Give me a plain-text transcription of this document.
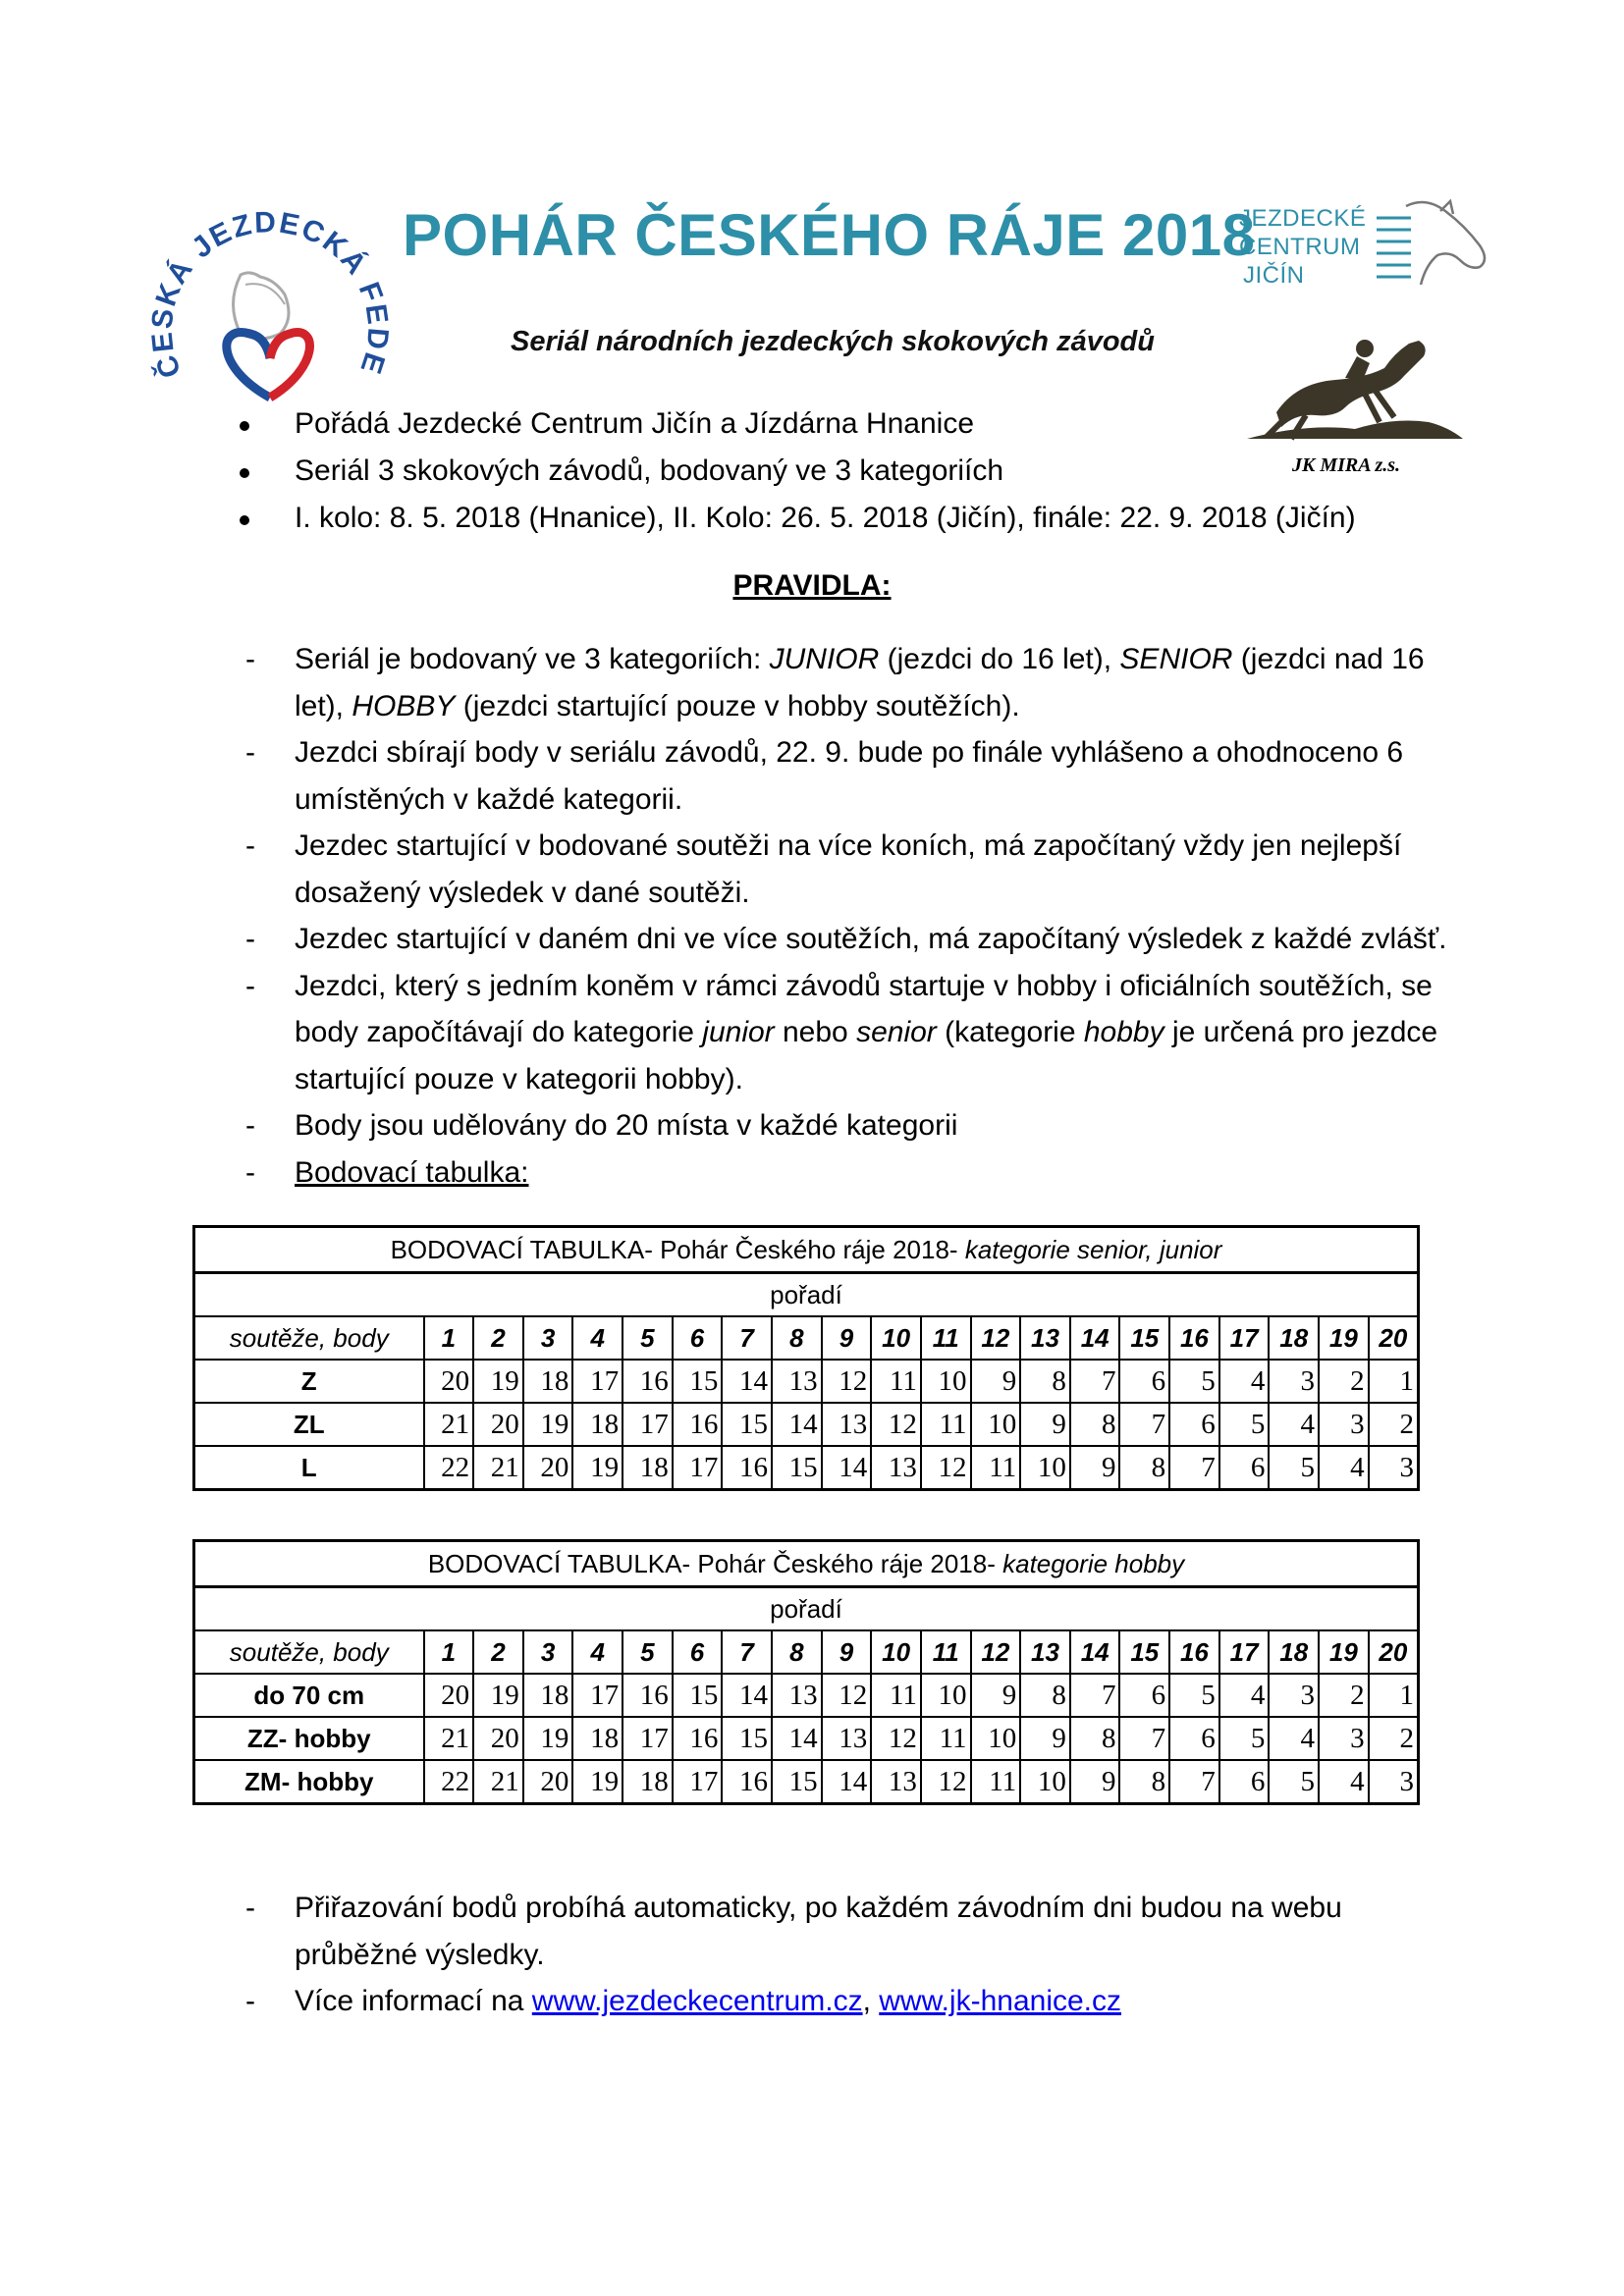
ČESKÁ JEZDECKÁ FEDE
POHÁR ČESKÉHO RÁJE 2018
JEZDECKÉ
CENTRUM
JIČÍN
Seriál národních jezdeckých skokových závodů
JK MIRA z.s.
Pořádá Jezdecké Centrum Jičín a Jízdárna Hnanice
Seriál 3 skokových závodů, bodovaný ve 3 kategoriích
I. kolo: 8. 5. 2018 (Hnanice), II. Kolo: 26. 5. 2018 (Jičín), finále: 22. 9. 2018 (Jičín)
PRAVIDLA:
- Seriál je bodovaný ve 3 kategoriích: JUNIOR (jezdci do 16 let), SENIOR (jezdci nad 16 let), HOBBY (jezdci startující pouze v hobby soutěžích).
- Jezdci sbírají body v seriálu závodů, 22. 9. bude po finále vyhlášeno a ohodnoceno 6 umístěných v každé kategorii.
- Jezdec startující v bodované soutěži na více koních, má započítaný vždy jen nejlepší dosažený výsledek v dané soutěži.
- Jezdec startující v daném dni ve více soutěžích, má započítaný výsledek z každé zvlášť.
- Jezdci, který s jedním koněm v rámci závodů startuje v hobby i oficiálních soutěžích, se body započítávají do kategorie junior nebo senior (kategorie hobby je určená pro jezdce startující pouze v kategorii hobby).
- Body jsou udělovány do 20 místa v každé kategorii
- Bodovací tabulka:
BODOVACÍ TABULKA- Pohár Českého ráje 2018- kategorie senior, junior																				
pořadí																				
soutěže, body	1	2	3	4	5	6	7	8	9	10	11	12	13	14	15	16	17	18	19	20
Z	20	19	18	17	16	15	14	13	12	11	10	9	8	7	6	5	4	3	2	1
ZL	21	20	19	18	17	16	15	14	13	12	11	10	9	8	7	6	5	4	3	2
L	22	21	20	19	18	17	16	15	14	13	12	11	10	9	8	7	6	5	4	3
BODOVACÍ TABULKA- Pohár Českého ráje 2018- kategorie hobby																				
pořadí																				
soutěže, body	1	2	3	4	5	6	7	8	9	10	11	12	13	14	15	16	17	18	19	20
do 70 cm	20	19	18	17	16	15	14	13	12	11	10	9	8	7	6	5	4	3	2	1
ZZ- hobby	21	20	19	18	17	16	15	14	13	12	11	10	9	8	7	6	5	4	3	2
ZM- hobby	22	21	20	19	18	17	16	15	14	13	12	11	10	9	8	7	6	5	4	3
- Přiřazování bodů probíhá automaticky, po každém závodním dni budou na webu průběžné výsledky.
- Více informací na www.jezdeckecentrum.cz, www.jk-hnanice.cz
